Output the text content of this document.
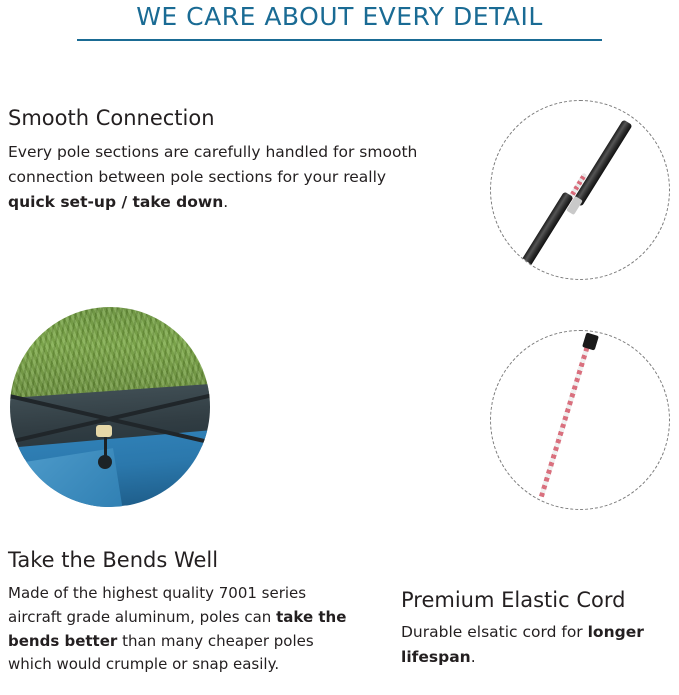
WE CARE ABOUT EVERY DETAIL
Smooth Connection
Every pole sections are carefully handled for smooth connection between pole sections for your really quick set-up / take down.
Take the Bends Well
Made of the highest quality 7001 series aircraft grade aluminum, poles can take the bends better than many cheaper poles which would crumple or snap easily.
Premium Elastic Cord
Durable elsatic cord for longer lifespan.
